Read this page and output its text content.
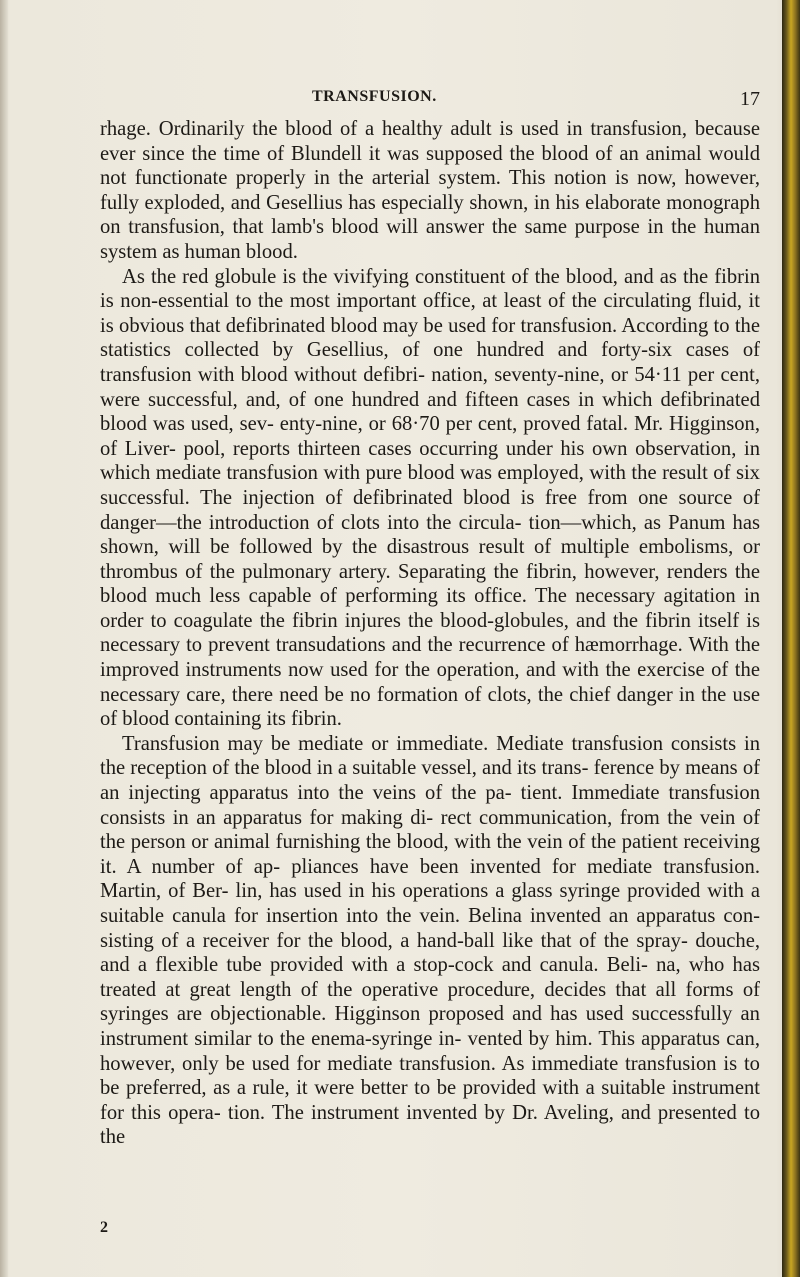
TRANSFUSION.	17

rhage. Ordinarily the blood of a healthy adult is used in transfusion, because ever since the time of Blundell it was supposed the blood of an animal would not functionate properly in the arterial system. This notion is now, however, fully exploded, and Gesellius has especially shown, in his elaborate monograph on transfusion, that lamb's blood will answer the same purpose in the human system as human blood.

As the red globule is the vivifying constituent of the blood, and as the fibrin is non-essential to the most important office, at least of the circulating fluid, it is obvious that defibrinated blood may be used for transfusion. According to the statistics collected by Gesellius, of one hundred and forty-six cases of transfusion with blood without defibri- nation, seventy-nine, or 54·11 per cent, were successful, and, of one hundred and fifteen cases in which defibrinated blood was used, sev- enty-nine, or 68·70 per cent, proved fatal. Mr. Higginson, of Liver- pool, reports thirteen cases occurring under his own observation, in which mediate transfusion with pure blood was employed, with the result of six successful. The injection of defibrinated blood is free from one source of danger—the introduction of clots into the circula- tion—which, as Panum has shown, will be followed by the disastrous result of multiple embolisms, or thrombus of the pulmonary artery. Separating the fibrin, however, renders the blood much less capable of performing its office. The necessary agitation in order to coagulate the fibrin injures the blood-globules, and the fibrin itself is necessary to prevent transudations and the recurrence of hæmorrhage. With the improved instruments now used for the operation, and with the exercise of the necessary care, there need be no formation of clots, the chief danger in the use of blood containing its fibrin.

Transfusion may be mediate or immediate. Mediate transfusion consists in the reception of the blood in a suitable vessel, and its trans- ference by means of an injecting apparatus into the veins of the pa- tient. Immediate transfusion consists in an apparatus for making di- rect communication, from the vein of the person or animal furnishing the blood, with the vein of the patient receiving it. A number of ap- pliances have been invented for mediate transfusion. Martin, of Ber- lin, has used in his operations a glass syringe provided with a suitable canula for insertion into the vein. Belina invented an apparatus con- sisting of a receiver for the blood, a hand-ball like that of the spray- douche, and a flexible tube provided with a stop-cock and canula. Beli- na, who has treated at great length of the operative procedure, decides that all forms of syringes are objectionable. Higginson proposed and has used successfully an instrument similar to the enema-syringe in- vented by him. This apparatus can, however, only be used for mediate transfusion. As immediate transfusion is to be preferred, as a rule, it were better to be provided with a suitable instrument for this opera- tion. The instrument invented by Dr. Aveling, and presented to the

2
